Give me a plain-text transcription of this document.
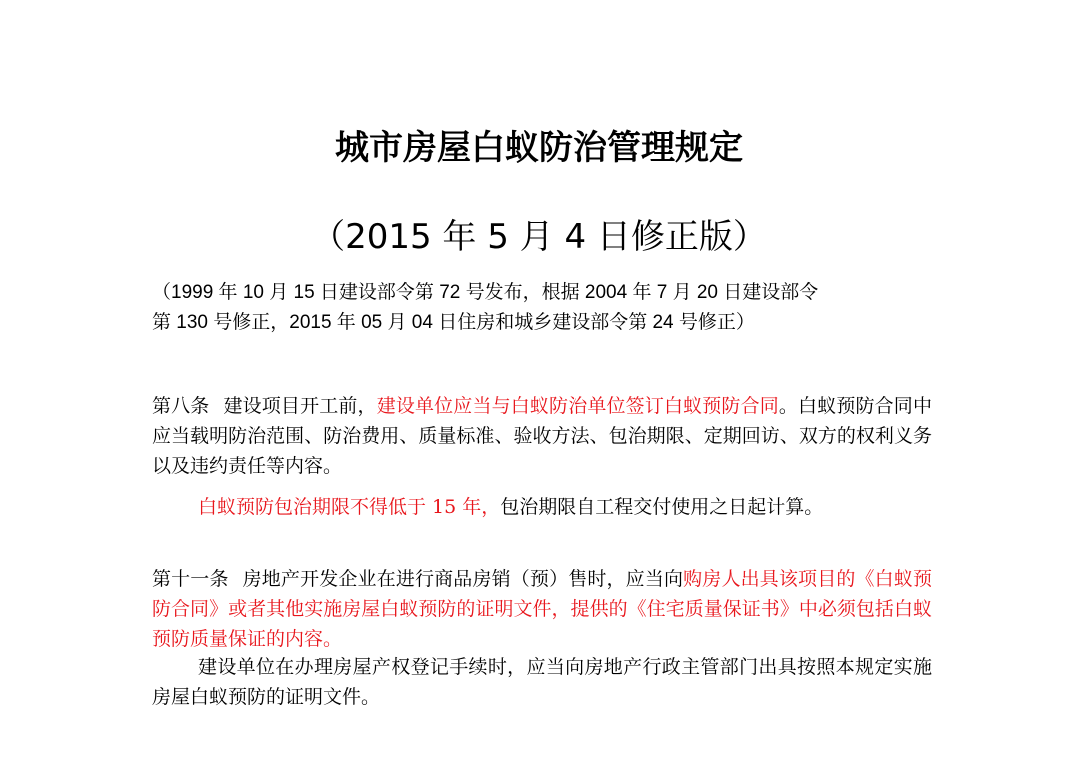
城市房屋白蚁防治管理规定
（2015 年 5 月 4 日修正版）
（1999 年 10 月 15 日建设部令第 72 号发布，根据 2004 年 7 月 20 日建设部令
第 130 号修正，2015 年 05 月 04 日住房和城乡建设部令第 24 号修正）
第八条 建设项目开工前，建设单位应当与白蚁防治单位签订白蚁预防合同。白蚁预防合同中应当载明防治范围、防治费用、质量标准、验收方法、包治期限、定期回访、双方的权利义务以及违约责任等内容。
白蚁预防包治期限不得低于 15 年，包治期限自工程交付使用之日起计算。
第十一条 房地产开发企业在进行商品房销（预）售时，应当向购房人出具该项目的《白蚁预防合同》或者其他实施房屋白蚁预防的证明文件，提供的《住宅质量保证书》中必须包括白蚁预防质量保证的内容。
建设单位在办理房屋产权登记手续时，应当向房地产行政主管部门出具按照本规定实施房屋白蚁预防的证明文件。
